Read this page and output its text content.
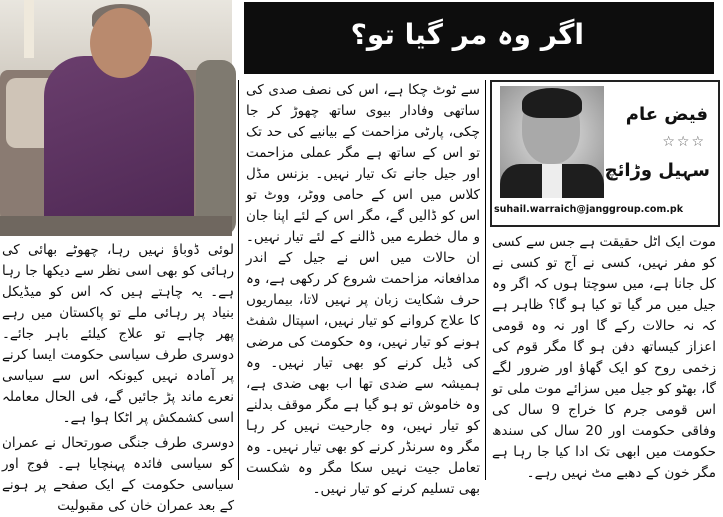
اگر وہ مر گیا تو؟
فیض عام
☆☆☆
سہیل وڑائچ
suhail.warraich@janggroup.com.pk

موت ایک اٹل حقیقت ہے جس سے کسی کو مفر نہیں، کسی نے آج تو کسی نے کل جانا ہے، میں سوچتا ہوں کہ اگر وہ جیل میں مر گیا تو کیا ہو گا؟ ظاہر ہے کہ نہ حالات رکے گا اور نہ وہ قومی اعزاز کیساتھ دفن ہو گا مگر قوم کی زخمی روح کو ایک گھاؤ اور ضرور لگے گا، بھٹو کو جیل میں سزائے موت ملی تو اس قومی جرم کا خراج 9 سال کی وفاقی حکومت اور 20 سال کی سندھ حکومت میں ابھی تک ادا کیا جا رہا ہے مگر خون کے دھبے مٹ نہیں رہے۔

سے ٹوٹ چکا ہے، اس کی نصف صدی کی ساتھی وفادار بیوی ساتھ چھوڑ کر جا چکی، پارٹی مزاحمت کے بیانیے کی حد تک تو اس کے ساتھ ہے مگر عملی مزاحمت اور جیل جانے تک تیار نہیں۔ بزنس مڈل کلاس میں اس کے حامی ووٹر، ووٹ تو اس کو ڈالیں گے، مگر اس کے لئے اپنا جان و مال خطرے میں ڈالنے کے لئے تیار نہیں۔ ان حالات میں اس نے جیل کے اندر مدافعانہ مزاحمت شروع کر رکھی ہے، وہ حرف شکایت زبان پر نہیں لاتا، بیماریوں کا علاج کروانے کو تیار نہیں، اسپتال شفٹ ہونے کو تیار نہیں، وہ حکومت کی مرضی کی ڈیل کرنے کو بھی تیار نہیں۔ وہ ہمیشہ سے ضدی تھا اب بھی ضدی ہے، وہ خاموش تو ہو گیا ہے مگر موقف بدلنے کو تیار نہیں، وہ جارحیت نہیں کر رہا مگر وہ سرنڈر کرنے کو بھی تیار نہیں۔ وہ تعامل جیت نہیں سکا مگر وہ شکست بھی تسلیم کرنے کو تیار نہیں۔

لوئی ڈوباؤ نہیں رہا، چھوٹے بھائی کی رہائی کو بھی اسی نظر سے دیکھا جا رہا ہے۔ یہ چاہتے ہیں کہ اس کو میڈیکل بنیاد پر رہائی ملے تو پاکستان میں رہے پھر چاہے تو علاج کیلئے باہر جائے۔ دوسری طرف سیاسی حکومت ایسا کرنے پر آمادہ نہیں کیونکہ اس سے سیاسی نعرے ماند پڑ جائیں گے، فی الحال معاملہ اسی کشمکش پر اٹکا ہوا ہے۔

دوسری طرف جنگی صورتحال نے عمران کو سیاسی فائدہ پہنچایا ہے۔ فوج اور سیاسی حکومت کے ایک صفحے پر ہونے کے بعد عمران خان کی مقبولیت
